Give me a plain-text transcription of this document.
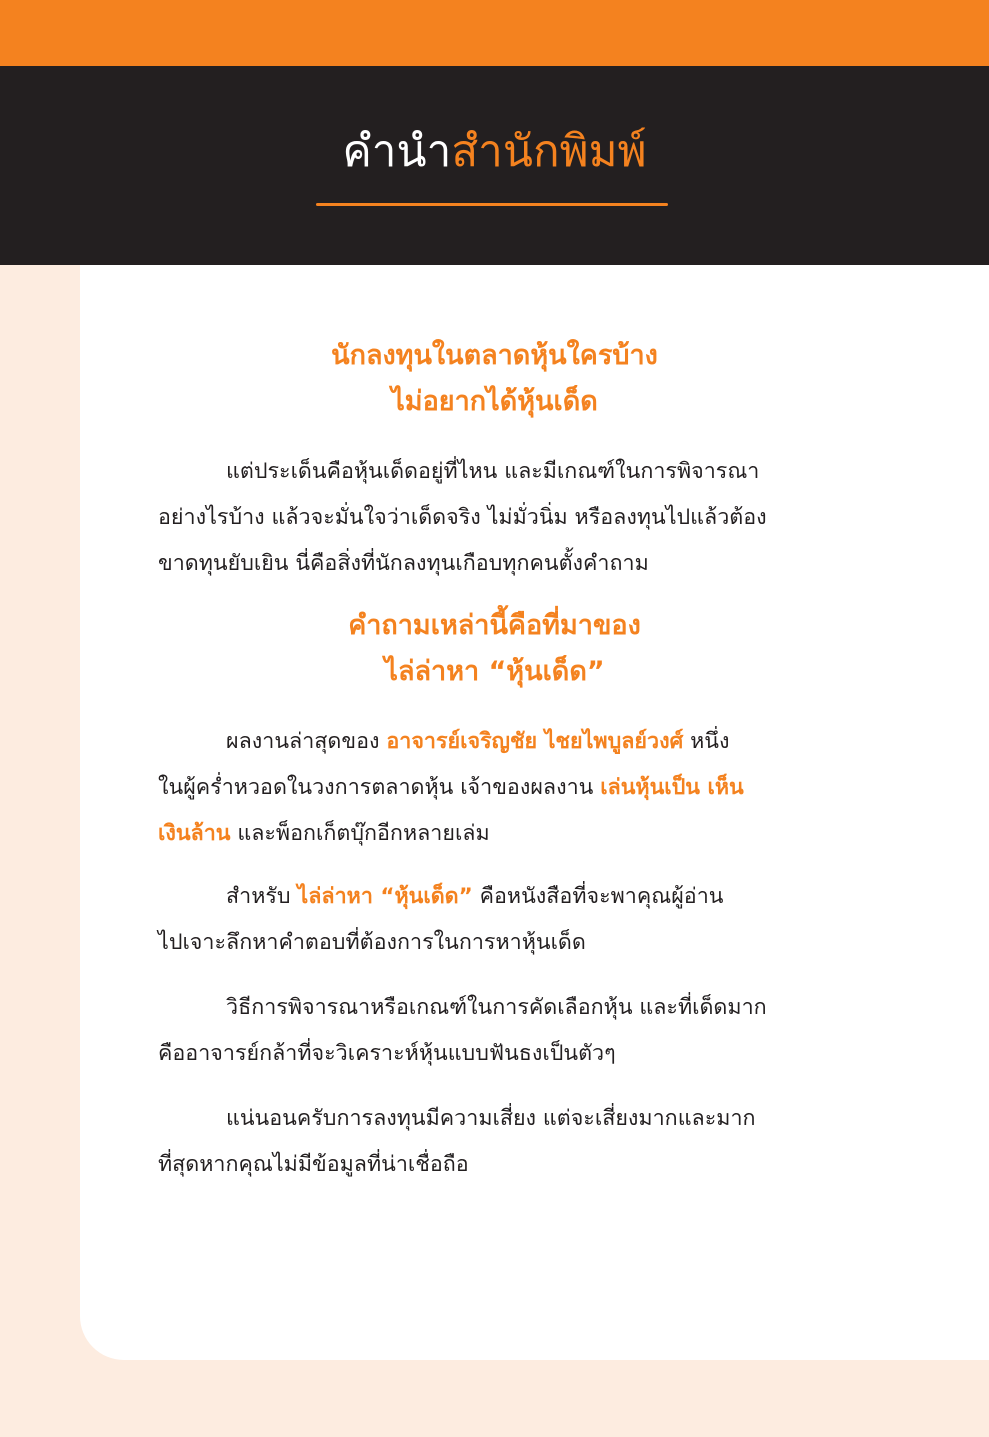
คำนำสำนักพิมพ์
นักลงทุนในตลาดหุ้นใครบ้าง
ไม่อยากได้หุ้นเด็ด

แต่ประเด็นคือหุ้นเด็ดอยู่ที่ไหน และมีเกณฑ์ในการพิจารณา
อย่างไรบ้าง แล้วจะมั่นใจว่าเด็ดจริง ไม่มั่วนิ่ม หรือลงทุนไปแล้วต้อง
ขาดทุนยับเยิน นี่คือสิ่งที่นักลงทุนเกือบทุกคนตั้งคำถาม

คำถามเหล่านี้คือที่มาของ
ไล่ล่าหา “หุ้นเด็ด”

ผลงานล่าสุดของ อาจารย์เจริญชัย ไชยไพบูลย์วงศ์ หนึ่ง
ในผู้คร่ำหวอดในวงการตลาดหุ้น เจ้าของผลงาน เล่นหุ้นเป็น เห็น
เงินล้าน และพ็อกเก็ตบุ๊กอีกหลายเล่ม

สำหรับ ไล่ล่าหา “หุ้นเด็ด” คือหนังสือที่จะพาคุณผู้อ่าน
ไปเจาะลึกหาคำตอบที่ต้องการในการหาหุ้นเด็ด

วิธีการพิจารณาหรือเกณฑ์ในการคัดเลือกหุ้น และที่เด็ดมาก
คืออาจารย์กล้าที่จะวิเคราะห์หุ้นแบบฟันธงเป็นตัวๆ

แน่นอนครับการลงทุนมีความเสี่ยง แต่จะเสี่ยงมากและมาก
ที่สุดหากคุณไม่มีข้อมูลที่น่าเชื่อถือ
